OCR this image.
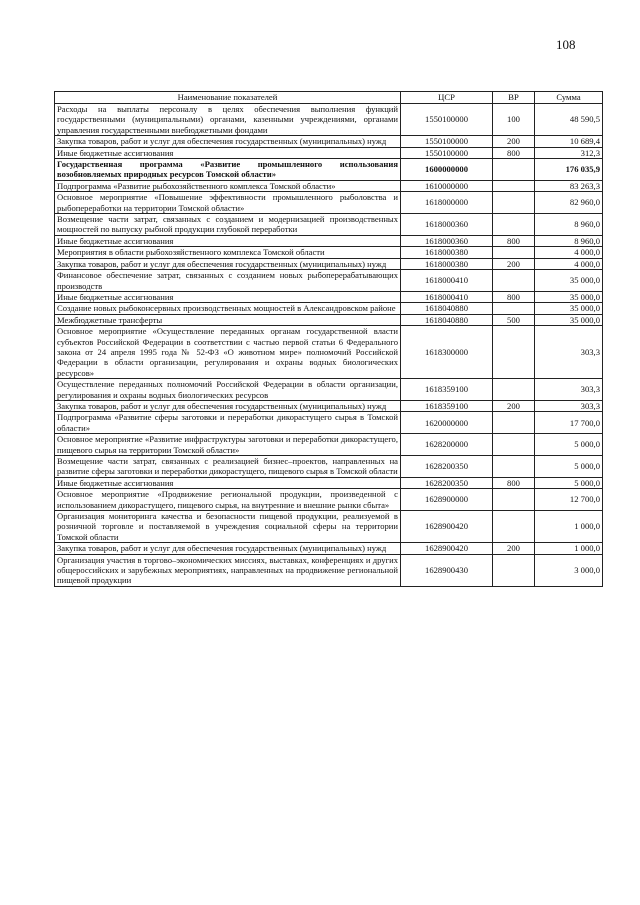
108
Наименование показателей	ЦСР	ВР	Сумма
Расходы на выплаты персоналу в целях обеспечения выполнения функций государственными (муниципальными) органами, казенными учреждениями, органами управления государственными внебюджетными фондами	1550100000	100	48 590,5
Закупка товаров, работ и услуг для обеспечения государственных (муниципальных) нужд	1550100000	200	10 689,4
Иные бюджетные ассигнования	1550100000	800	312,3
Государственная программа «Развитие промышленного использования возобновляемых природных ресурсов Томской области»	1600000000		176 035,9
Подпрограмма «Развитие рыбохозяйственного комплекса Томской области»	1610000000		83 263,3
Основное мероприятие «Повышение эффективности промышленного рыболовства и рыбопереработки на территории Томской области»	1618000000		82 960,0
Возмещение части затрат, связанных с созданием и модернизацией производственных мощностей по выпуску рыбной продукции глубокой переработки	1618000360		8 960,0
Иные бюджетные ассигнования	1618000360	800	8 960,0
Мероприятия в области рыбохозяйственного комплекса Томской области	1618000380		4 000,0
Закупка товаров, работ и услуг для обеспечения государственных (муниципальных) нужд	1618000380	200	4 000,0
Финансовое обеспечение затрат, связанных с созданием новых рыбоперерабатывающих производств	1618000410		35 000,0
Иные бюджетные ассигнования	1618000410	800	35 000,0
Создание новых рыбоконсервных производственных мощностей в Александровском районе	1618040880		35 000,0
Межбюджетные трансферты	1618040880	500	35 000,0
Основное мероприятие «Осуществление переданных органам государственной власти субъектов Российской Федерации в соответствии с частью первой статьи 6 Федерального закона от 24 апреля 1995 года № 52-ФЗ «О животном мире» полномочий Российской Федерации в области организации, регулирования и охраны водных биологических ресурсов»	1618300000		303,3
Осуществление переданных полномочий Российской Федерации в области организации, регулирования и охраны водных биологических ресурсов	1618359100		303,3
Закупка товаров, работ и услуг для обеспечения государственных (муниципальных) нужд	1618359100	200	303,3
Подпрограмма «Развитие сферы заготовки и переработки дикорастущего сырья в Томской области»	1620000000		17 700,0
Основное мероприятие «Развитие инфраструктуры заготовки и переработки дикорастущего, пищевого сырья на территории Томской области»	1628200000		5 000,0
Возмещение части затрат, связанных с реализацией бизнес–проектов, направленных на развитие сферы заготовки и переработки дикорастущего, пищевого сырья в Томской области	1628200350		5 000,0
Иные бюджетные ассигнования	1628200350	800	5 000,0
Основное мероприятие «Продвижение региональной продукции, произведенной с использованием дикорастущего, пищевого сырья, на внутренние и внешние рынки сбыта»	1628900000		12 700,0
Организация мониторинга качества и безопасности пищевой продукции, реализуемой в розничной торговле и поставляемой в учреждения социальной сферы на территории Томской области	1628900420		1 000,0
Закупка товаров, работ и услуг для обеспечения государственных (муниципальных) нужд	1628900420	200	1 000,0
Организация участия в торгово–экономических миссиях, выставках, конференциях и других общероссийских и зарубежных мероприятиях, направленных на продвижение региональной пищевой продукции	1628900430		3 000,0
